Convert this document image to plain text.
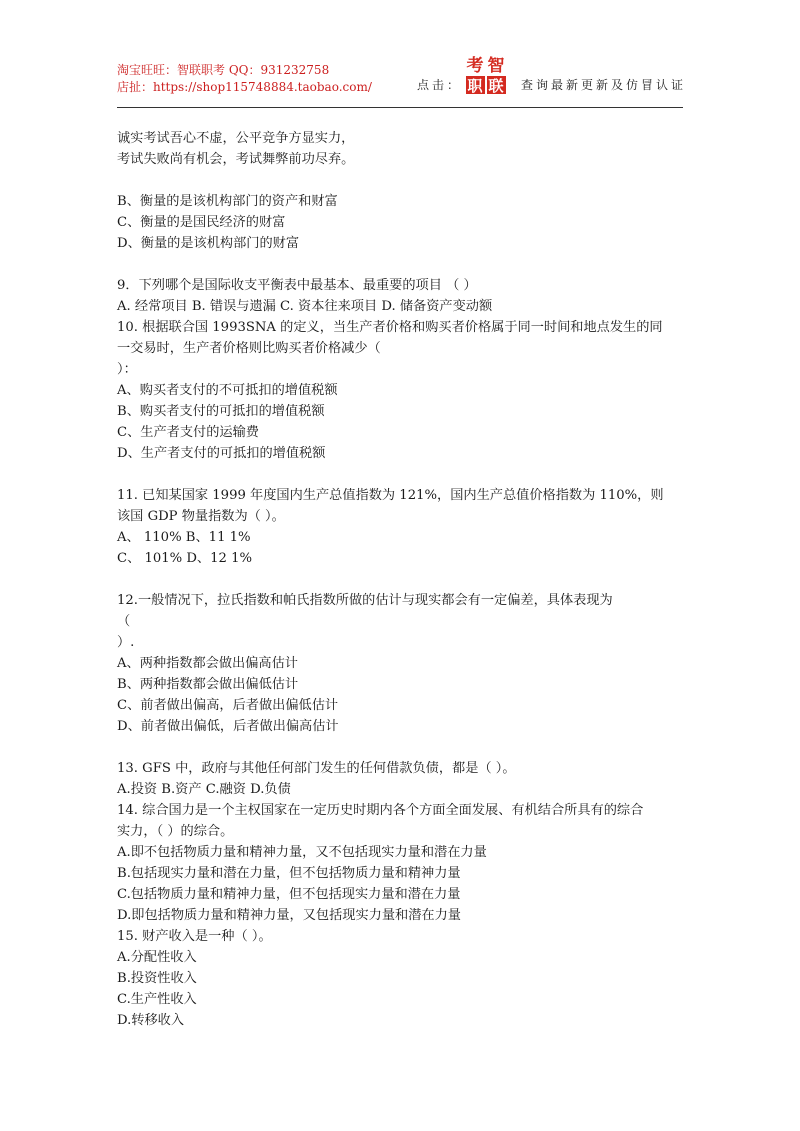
淘宝旺旺：智联职考 QQ：931232758
店扯：https://shop115748884.taobao.com/	点击：
考 智
职 联 查询最新更新及仿冒认证
诚实考试吾心不虚，公平竞争方显实力，
考试失败尚有机会，考试舞弊前功尽弃。
B、衡量的是该机构部门的资产和财富
C、衡量的是国民经济的财富
D、衡量的是该机构部门的财富
9．下列哪个是国际收支平衡表中最基本、最重要的项目 （ ）
A. 经常项目 B. 错误与遗漏 C. 资本往来项目 D. 储备资产变动额
10. 根据联合国 1993SNA 的定义，当生产者价格和购买者价格属于同一时间和地点发生的同
一交易时，生产者价格则比购买者价格减少（
）：
A、购买者支付的不可抵扣的增值税额
B、购买者支付的可抵扣的增值税额
C、生产者支付的运输费
D、生产者支付的可抵扣的增值税额
11. 已知某国家 1999 年度国内生产总值指数为 121%，国内生产总值价格指数为 110%，则
该国 GDP 物量指数为（ ）。
A、 110% B、11 1%
C、 101% D、12 1%
12.一般情况下，拉氏指数和帕氏指数所做的估计与现实都会有一定偏差，具体表现为
（
）.
A、两种指数都会做出偏高估计
B、两种指数都会做出偏低估计
C、前者做出偏高，后者做出偏低估计
D、前者做出偏低，后者做出偏高估计
13. GFS 中，政府与其他任何部门发生的任何借款负债，都是（ ）。
A.投资 B.资产 C.融资 D.负债
14. 综合国力是一个主权国家在一定历史时期内各个方面全面发展、有机结合所具有的综合
实力，（ ）的综合。
A.即不包括物质力量和精神力量，又不包括现实力量和潜在力量
B.包括现实力量和潜在力量，但不包括物质力量和精神力量
C.包括物质力量和精神力量，但不包括现实力量和潜在力量
D.即包括物质力量和精神力量，又包括现实力量和潜在力量
15. 财产收入是一种（ ）。
A.分配性收入
B.投资性收入
C.生产性收入
D.转移收入
